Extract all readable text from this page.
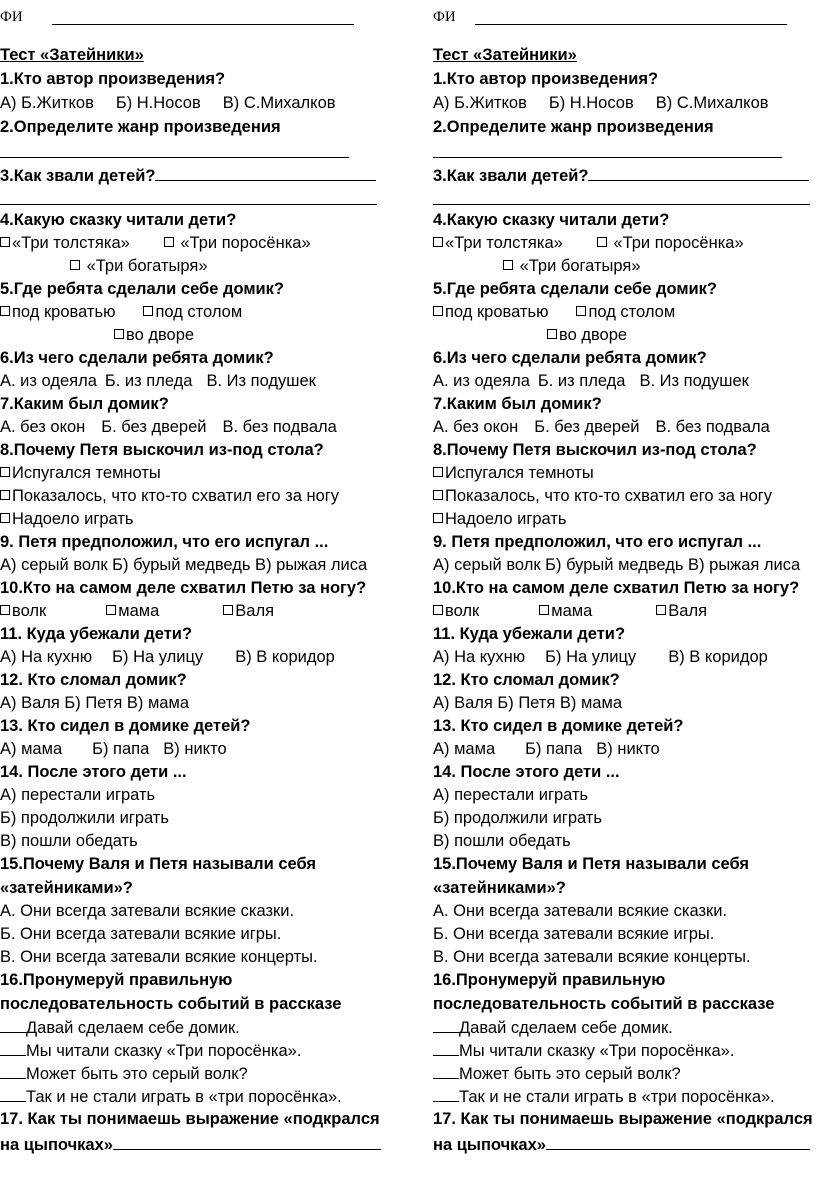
ФИ
Тест «Затейники»
1.Кто автор произведения?
А) Б.Житков Б) Н.Носов В) С.Михалков
2.Определите жанр произведения
3.Как звали детей?
4.Какую сказку читали дети?
«Три толстяка»	«Три поросёнка»
«Три богатыря»
5.Где ребята сделали себе домик?
под кроватью под столом
во дворе
6.Из чего сделали ребята домик?
А. из одеяла Б. из пледа В. Из подушек
7.Каким был домик?
А. без окон Б. без дверей В. без подвала
8.Почему Петя выскочил из-под стола?
Испугался темноты
Показалось, что кто-то схватил его за ногу
Надоело играть
9. Петя предположил, что его испугал ...
А) серый волк Б) бурый медведь В) рыжая лиса
10.Кто на самом деле схватил Петю за ногу?
волк	мама	Валя
11. Куда убежали дети?
А) На кухню Б) На улицу В) В коридор
12. Кто сломал домик?
А) Валя Б) Петя В) мама
13. Кто сидел в домике детей?
А) мама Б) папа В) никто
14. После этого дети ...
А) перестали играть
Б) продолжили играть
В) пошли обедать
15.Почему Валя и Петя называли себя
«затейниками»?
А. Они всегда затевали всякие сказки.
Б. Они всегда затевали всякие игры.
В. Они всегда затевали всякие концерты.
16.Пронумеруй правильную
последовательность событий в рассказе
Давай сделаем себе домик.
Мы читали сказку «Три поросёнка».
Может быть это серый волк?
Так и не стали играть в «три поросёнка».
17. Как ты понимаешь выражение «подкрался
на цыпочках»
ФИ
Тест «Затейники»
1.Кто автор произведения?
А) Б.Житков Б) Н.Носов В) С.Михалков
2.Определите жанр произведения
3.Как звали детей?
4.Какую сказку читали дети?
«Три толстяка»	«Три поросёнка»
«Три богатыря»
5.Где ребята сделали себе домик?
под кроватью под столом
во дворе
6.Из чего сделали ребята домик?
А. из одеяла Б. из пледа В. Из подушек
7.Каким был домик?
А. без окон Б. без дверей В. без подвала
8.Почему Петя выскочил из-под стола?
Испугался темноты
Показалось, что кто-то схватил его за ногу
Надоело играть
9. Петя предположил, что его испугал ...
А) серый волк Б) бурый медведь В) рыжая лиса
10.Кто на самом деле схватил Петю за ногу?
волк	мама	Валя
11. Куда убежали дети?
А) На кухню Б) На улицу В) В коридор
12. Кто сломал домик?
А) Валя Б) Петя В) мама
13. Кто сидел в домике детей?
А) мама Б) папа В) никто
14. После этого дети ...
А) перестали играть
Б) продолжили играть
В) пошли обедать
15.Почему Валя и Петя называли себя
«затейниками»?
А. Они всегда затевали всякие сказки.
Б. Они всегда затевали всякие игры.
В. Они всегда затевали всякие концерты.
16.Пронумеруй правильную
последовательность событий в рассказе
Давай сделаем себе домик.
Мы читали сказку «Три поросёнка».
Может быть это серый волк?
Так и не стали играть в «три поросёнка».
17. Как ты понимаешь выражение «подкрался
на цыпочках»
